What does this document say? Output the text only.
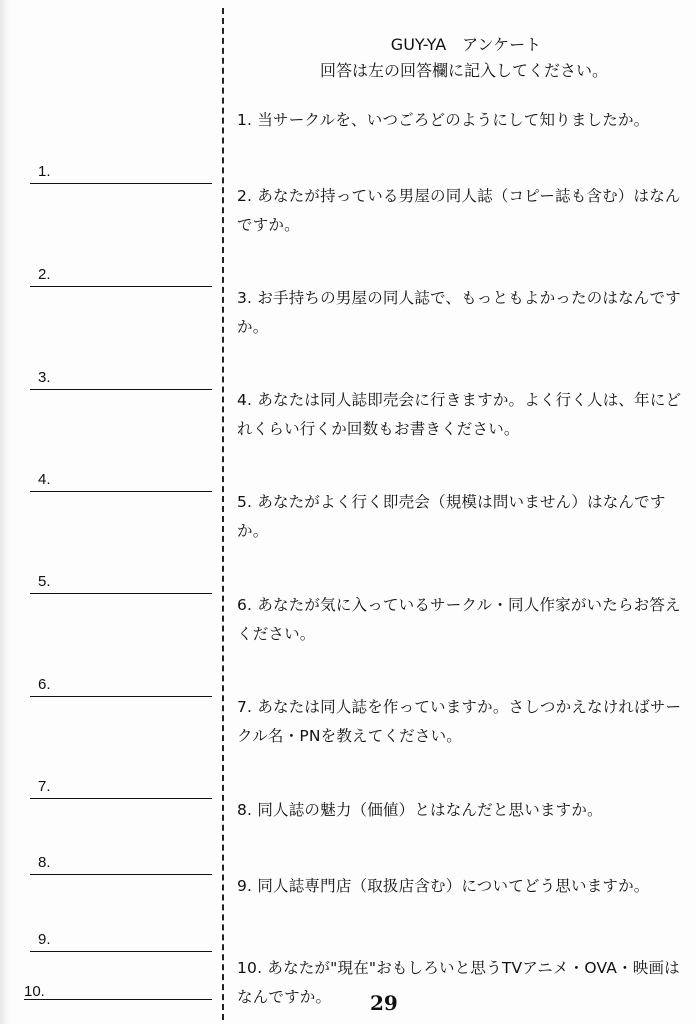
GUY-YA　アンケート
回答は左の回答欄に記入してください。
1.
2.
3.
4.
5.
6.
7.
8.
9.
10.
1. 当サークルを、いつごろどのようにして知りましたか。
2. あなたが持っている男屋の同人誌（コピー誌も含む）はなんですか。
3. お手持ちの男屋の同人誌で、もっともよかったのはなんですか。
4. あなたは同人誌即売会に行きますか。よく行く人は、年にどれくらい行くか回数もお書きください。
5. あなたがよく行く即売会（規模は問いません）はなんですか。
6. あなたが気に入っているサークル・同人作家がいたらお答えください。
7. あなたは同人誌を作っていますか。さしつかえなければサークル名・PNを教えてください。
8. 同人誌の魅力（価値）とはなんだと思いますか。
9. 同人誌専門店（取扱店含む）についてどう思いますか。
10. あなたが"現在"おもしろいと思うTVアニメ・OVA・映画はなんですか。	29
